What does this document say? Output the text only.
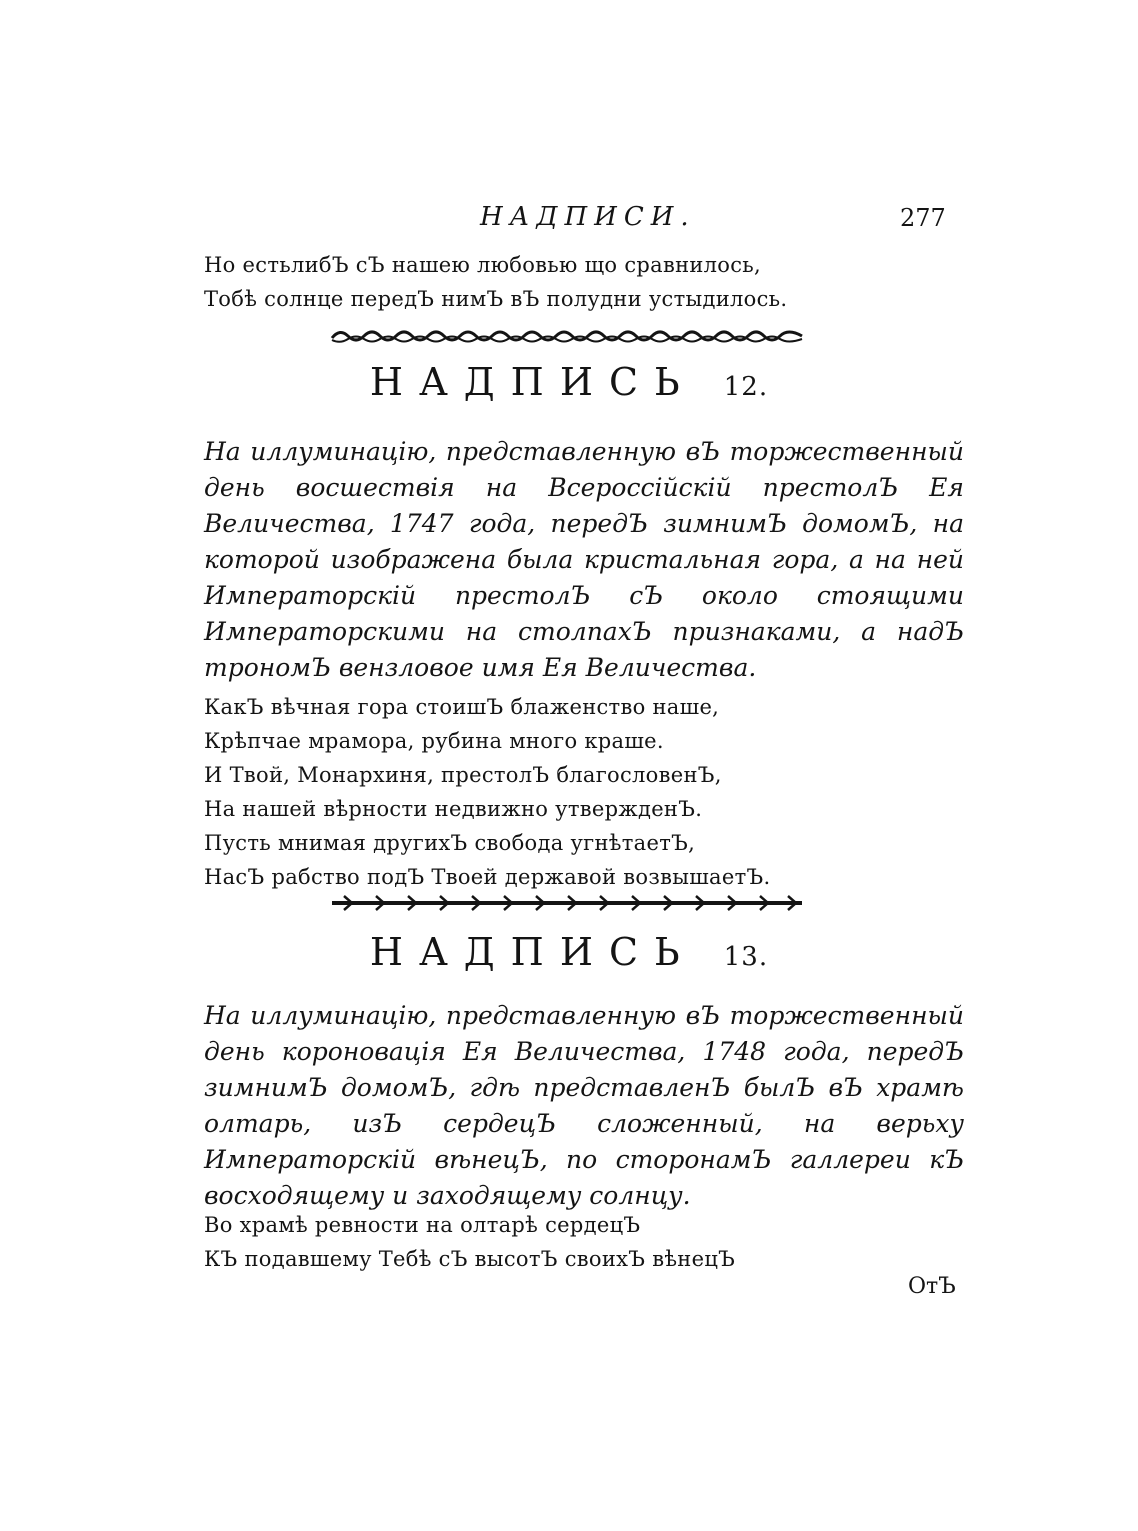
НАДПИСИ.	277
Но естьлибЪ сЪ нашею любовью що сравнилось,
Тобѣ солнце передЪ нимЪ вЪ полудни устыдилось.
НАДПИСЬ 12.
На иллуминацію, представленную вЪ торжественный день восшествія на Всероссійскій престолЪ Ея Величества, 1747 года, передЪ зимнимЪ домомЪ, на которой изображена была кристальная гора, а на ней Императорскій престолЪ сЪ около стоящими Императорскими на столпахЪ признаками, а надЪ трономЪ вензловое имя Ея Величества.
КакЪ вѣчная гора стоишЪ блаженство наше,
Крѣпчае мрамора, рубина много краше.
И Твой, Монархиня, престолЪ благословенЪ,
На нашей вѣрности недвижно утвержденЪ.
Пусть мнимая другихЪ свобода угнѣтаетЪ,
НасЪ рабство подЪ Твоей державой возвышаетЪ.
НАДПИСЬ 13.
На иллуминацію, представленную вЪ торжественный день короновація Ея Величества, 1748 года, передЪ зимнимЪ домомЪ, гдѣ представленЪ былЪ вЪ храмѣ олтарь, изЪ сердецЪ сложенный, на верьху Императорскій вѣнецЪ, по сторонамЪ галлереи кЪ восходящему и заходящему солнцу.
Во храмѣ ревности на олтарѣ сердецЪ
КЪ подавшему Тебѣ сЪ высотЪ своихЪ вѣнецЪ
ОтЪ
